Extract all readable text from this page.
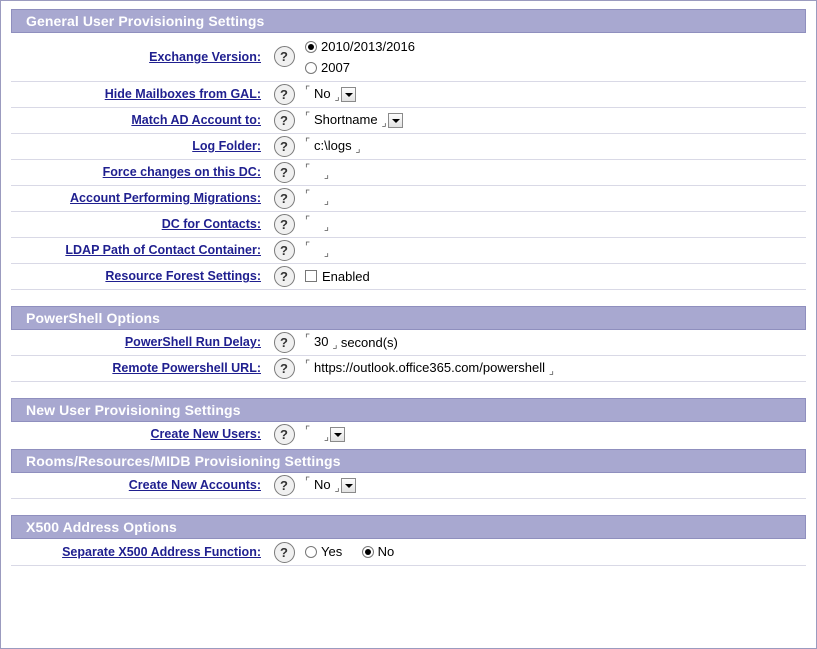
General User Provisioning Settings
Exchange Version:	?	2010/2013/2016
2007

Hide Mailboxes from GAL:	?	⌜ No ⌟
Match AD Account to:	?	⌜ Shortname ⌟
Log Folder:	?	⌜ c:\logs ⌟
Force changes on this DC:	?	⌜ ⌟
Account Performing Migrations:	?	⌜ ⌟
DC for Contacts:	?	⌜ ⌟
LDAP Path of Contact Container:	?	⌜ ⌟
Resource Forest Settings:	?	Enabled
PowerShell Options
PowerShell Run Delay:	?	⌜ 30 ⌟ second(s)
Remote Powershell URL:	?	⌜ https://outlook.office365.com/powershell ⌟
New User Provisioning Settings
Create New Users:	?	⌜ ⌟
Rooms/Resources/MIDB Provisioning Settings
Create New Accounts:	?	⌜No ⌟
X500 Address Options
Separate X500 Address Function:	?	Yes	No
